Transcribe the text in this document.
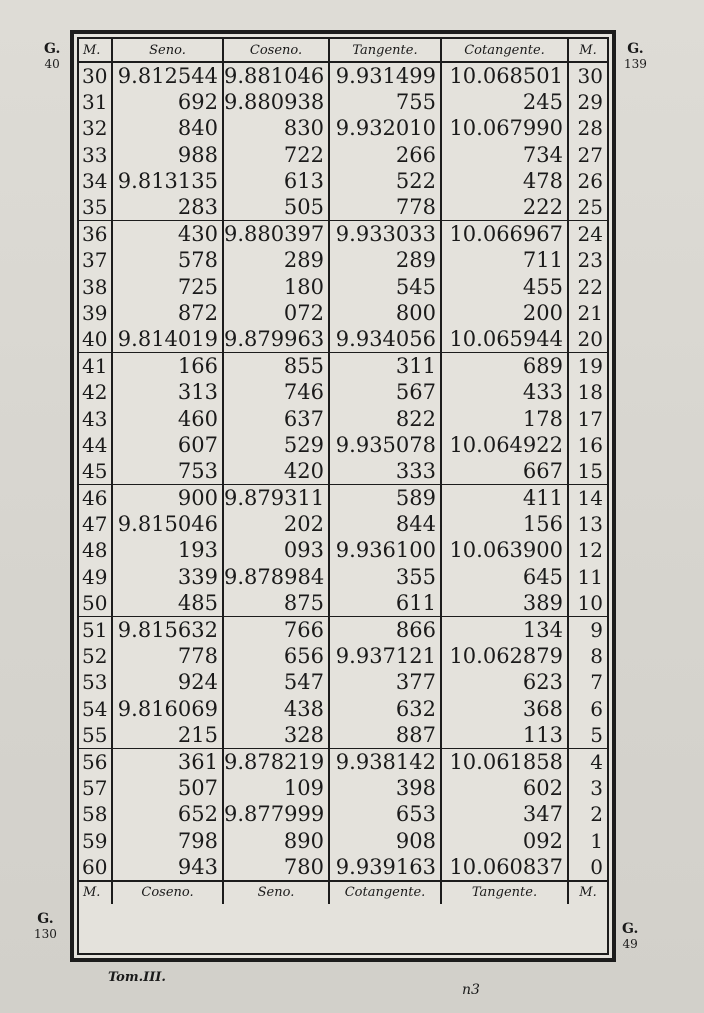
G.
40
G.
139
G.
130	G.
49
M.	Seno.	Coseno.	Tangente.	Cotangente.	M.
30	9.812544	9.881046	9.931499	10.068501	30
31	692	9.880938	755	245	29
32	840	830	9.932010	10.067990	28
33	988	722	266	734	27
34	9.813135	613	522	478	26
35	283	505	778	222	25
36	430	9.880397	9.933033	10.066967	24
37	578	289	289	711	23
38	725	180	545	455	22
39	872	072	800	200	21
40	9.814019	9.879963	9.934056	10.065944	20
41	166	855	311	689	19
42	313	746	567	433	18
43	460	637	822	178	17
44	607	529	9.935078	10.064922	16
45	753	420	333	667	15
46	900	9.879311	589	411	14
47	9.815046	202	844	156	13
48	193	093	9.936100	10.063900	12
49	339	9.878984	355	645	11
50	485	875	611	389	10
51	9.815632	766	866	134	9
52	778	656	9.937121	10.062879	8
53	924	547	377	623	7
54	9.816069	438	632	368	6
55	215	328	887	113	5
56	361	9.878219	9.938142	10.061858	4
57	507	109	398	602	3
58	652	9.877999	653	347	2
59	798	890	908	092	1
60	943	780	9.939163	10.060837	0
M.	Coseno.	Seno.	Cotangente.	Tangente.	M.
Tom.III.
n3
